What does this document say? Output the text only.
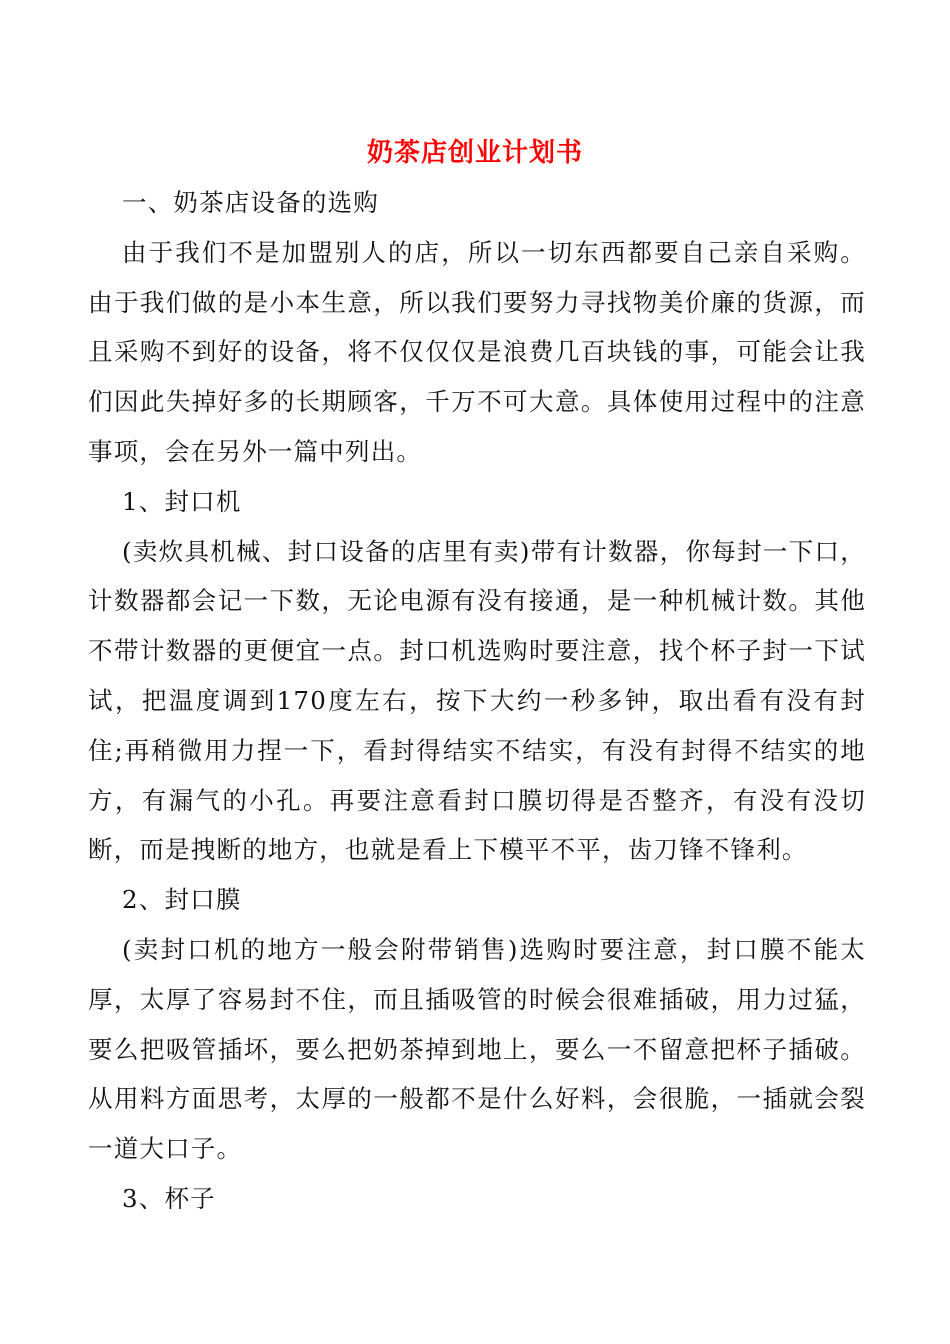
奶茶店创业计划书

一、奶茶店设备的选购

由于我们不是加盟别人的店，所以一切东西都要自己亲自采购。由于我们做的是小本生意，所以我们要努力寻找物美价廉的货源，而且采购不到好的设备，将不仅仅仅是浪费几百块钱的事，可能会让我们因此失掉好多的长期顾客，千万不可大意。具体使用过程中的注意事项，会在另外一篇中列出。

1、封口机

(卖炊具机械、封口设备的店里有卖)带有计数器，你每封一下口，计数器都会记一下数，无论电源有没有接通，是一种机械计数。其他不带计数器的更便宜一点。封口机选购时要注意，找个杯子封一下试试，把温度调到170度左右，按下大约一秒多钟，取出看有没有封住;再稍微用力捏一下，看封得结实不结实，有没有封得不结实的地方，有漏气的小孔。再要注意看封口膜切得是否整齐，有没有没切断，而是拽断的地方，也就是看上下模平不平，齿刀锋不锋利。

2、封口膜

(卖封口机的地方一般会附带销售)选购时要注意，封口膜不能太厚，太厚了容易封不住，而且插吸管的时候会很难插破，用力过猛，要么把吸管插坏，要么把奶茶掉到地上，要么一不留意把杯子插破。从用料方面思考，太厚的一般都不是什么好料，会很脆，一插就会裂一道大口子。

3、杯子
